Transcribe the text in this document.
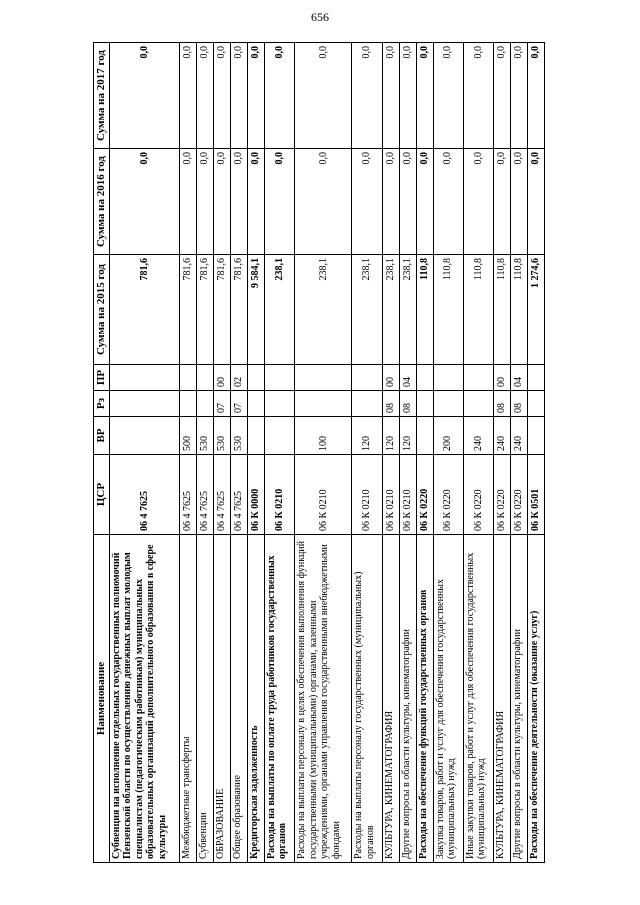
656
Наименование	ЦСР	ВР	Рз	ПР	Сумма на 2015 год	Сумма на 2016 год	Сумма на 2017 год
Субвенция на исполнение отдельных государственных полномочий Пензенской области по осуществлению денежных выплат молодым специалистам (педагогическим работникам) муниципальных образовательных организаций дополнительного образования в сфере культуры	06 4 7625				781,6	0,0	0,0
Межбюджетные трансферты	06 4 7625	500			781,6	0,0	0,0
Субвенции	06 4 7625	530			781,6	0,0	0,0
ОБРАЗОВАНИЕ	06 4 7625	530	07	00	781,6	0,0	0,0
Общее образование	06 4 7625	530	07	02	781,6	0,0	0,0
Кредиторская задолженность	06 К 0000				9 584,1	0,0	0,0
Расходы на выплаты по оплате труда работников государственных органов	06 К 0210				238,1	0,0	0,0
Расходы на выплаты персоналу в целях обеспечения выполнения функций государственными (муниципальными) органами, казенными учреждениями, органами управления государственными внебюджетными фондами	06 К 0210	100			238,1	0,0	0,0
Расходы на выплаты персоналу государственных (муниципальных) органов	06 К 0210	120			238,1	0,0	0,0
КУЛЬТУРА, КИНЕМАТОГРАФИЯ	06 К 0210	120	08	00	238,1	0,0	0,0
Другие вопросы в области культуры, кинематографии	06 К 0210	120	08	04	238,1	0,0	0,0
Расходы на обеспечение функций государственных органов	06 К 0220				110,8	0,0	0,0
Закупка товаров, работ и услуг для обеспечения государственных (муниципальных) нужд	06 К 0220	200			110,8	0,0	0,0
Иные закупки товаров, работ и услуг для обеспечения государственных (муниципальных) нужд	06 К 0220	240			110,8	0,0	0,0
КУЛЬТУРА, КИНЕМАТОГРАФИЯ	06 К 0220	240	08	00	110,8	0,0	0,0
Другие вопросы в области культуры, кинематографии	06 К 0220	240	08	04	110,8	0,0	0,0
Расходы на обеспечение деятельности (оказание услуг)	06 К 0501				1 274,6	0,0	0,0
